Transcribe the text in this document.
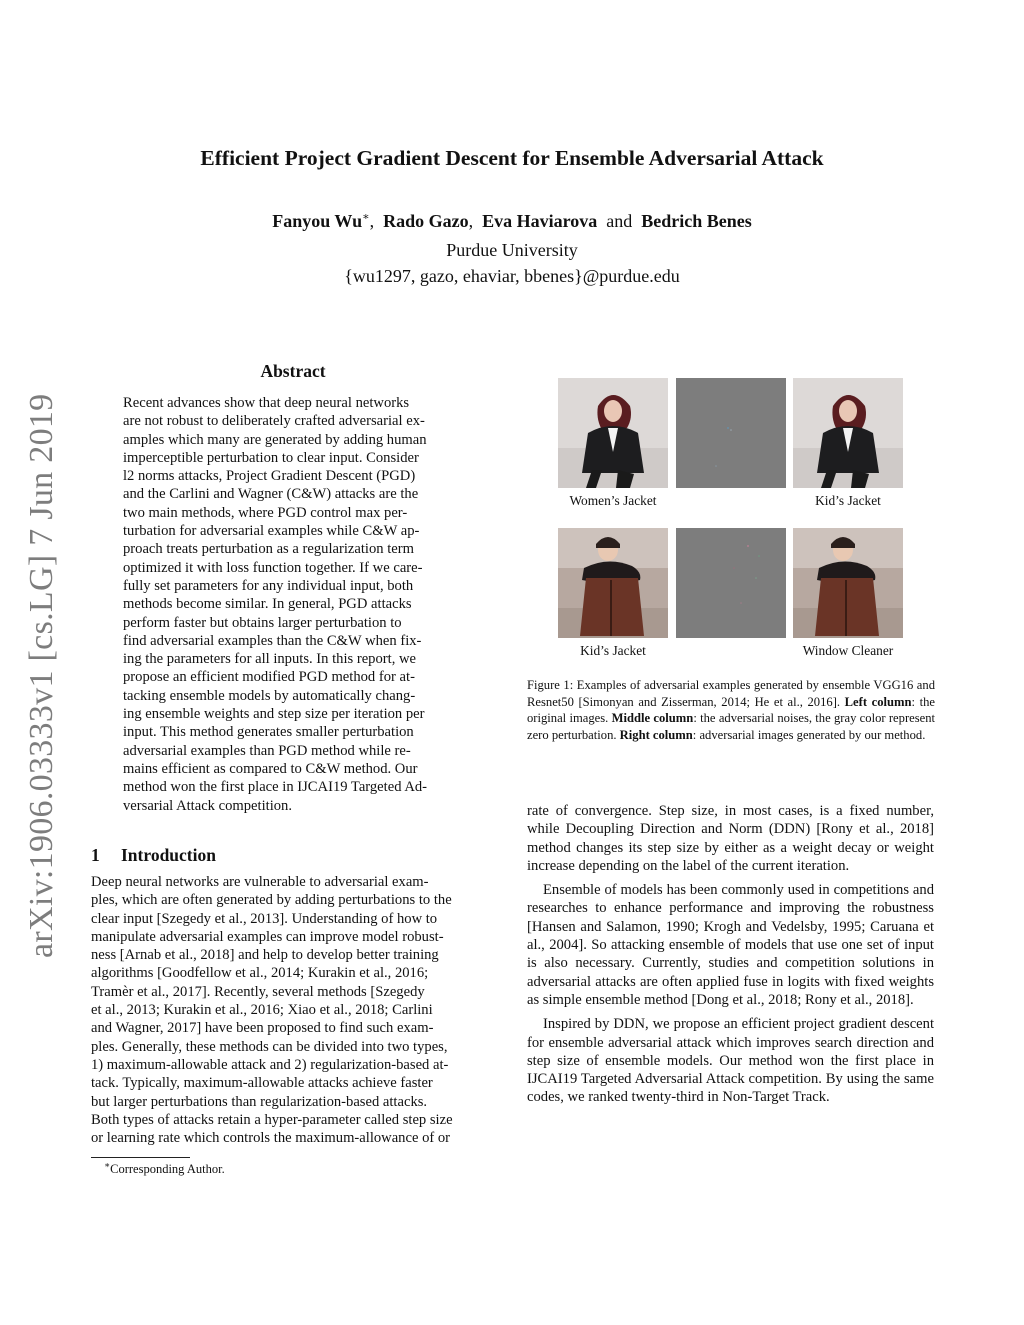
arXiv:1906.03333v1 [cs.LG] 7 Jun 2019
Efficient Project Gradient Descent for Ensemble Adversarial Attack
Fanyou Wu∗,  Rado Gazo,  Eva Haviarova and Bedrich Benes
Purdue University
{wu1297, gazo, ehaviar, bbenes}@purdue.edu
Abstract
Recent advances show that deep neural networks
are not robust to deliberately crafted adversarial ex-
amples which many are generated by adding human
imperceptible perturbation to clear input. Consider
l2 norms attacks, Project Gradient Descent (PGD)
and the Carlini and Wagner (C&W) attacks are the
two main methods, where PGD control max per-
turbation for adversarial examples while C&W ap-
proach treats perturbation as a regularization term
optimized it with loss function together. If we care-
fully set parameters for any individual input, both
methods become similar. In general, PGD attacks
perform faster but obtains larger perturbation to
find adversarial examples than the C&W when fix-
ing the parameters for all inputs. In this report, we
propose an efficient modified PGD method for at-
tacking ensemble models by automatically chang-
ing ensemble weights and step size per iteration per
input. This method generates smaller perturbation
adversarial examples than PGD method while re-
mains efficient as compared to C&W method. Our
method won the first place in IJCAI19 Targeted Ad-
versarial Attack competition.
1 Introduction
Deep neural networks are vulnerable to adversarial exam-
ples, which are often generated by adding perturbations to the
clear input [Szegedy et al., 2013]. Understanding of how to
manipulate adversarial examples can improve model robust-
ness [Arnab et al., 2018] and help to develop better training
algorithms [Goodfellow et al., 2014; Kurakin et al., 2016;
Tramèr et al., 2017]. Recently, several methods [Szegedy
et al., 2013; Kurakin et al., 2016; Xiao et al., 2018; Carlini
and Wagner, 2017] have been proposed to find such exam-
ples. Generally, these methods can be divided into two types,
1) maximum-allowable attack and 2) regularization-based at-
tack. Typically, maximum-allowable attacks achieve faster
but larger perturbations than regularization-based attacks.
Both types of attacks retain a hyper-parameter called step size
or learning rate which controls the maximum-allowance of or
∗Corresponding Author.
Women’s Jacket	Kid’s Jacket
Kid’s Jacket	Window Cleaner
Figure 1: Examples of adversarial examples generated by ensemble VGG16 and Resnet50 [Simonyan and Zisserman, 2014; He et al., 2016]. Left column: the original images. Middle column: the adversarial noises, the gray color represent zero perturbation. Right column: adversarial images generated by our method.

rate of convergence. Step size, in most cases, is a fixed number, while Decoupling Direction and Norm (DDN) [Rony et al., 2018] method changes its step size by either as a weight decay or weight increase depending on the label of the current iteration.

Ensemble of models has been commonly used in competitions and researches to enhance performance and improving the robustness [Hansen and Salamon, 1990; Krogh and Vedelsby, 1995; Caruana et al., 2004]. So attacking ensemble of models that use one set of input is also necessary. Currently, studies and competition solutions in adversarial attacks are often applied fuse in logits with fixed weights as simple ensemble method [Dong et al., 2018; Rony et al., 2018].

Inspired by DDN, we propose an efficient project gradient descent for ensemble adversarial attack which improves search direction and step size of ensemble models. Our method won the first place in IJCAI19 Targeted Adversarial Attack competition. By using the same codes, we ranked twenty-third in Non-Target Track.
